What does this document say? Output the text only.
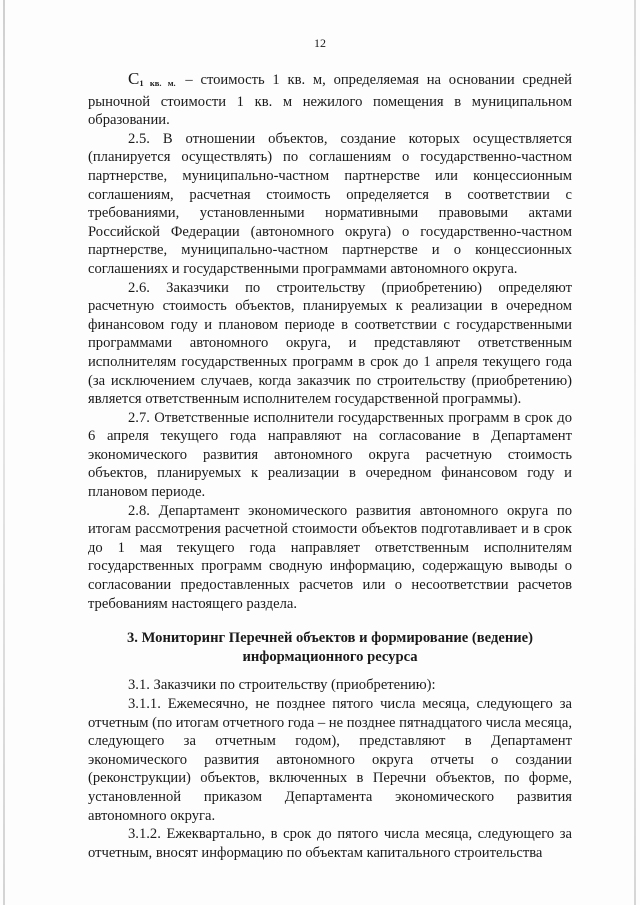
12

С1 кв. м. – стоимость 1 кв. м, определяемая на основании средней рыночной стоимости 1 кв. м нежилого помещения в муниципальном образовании.

2.5. В отношении объектов, создание которых осуществляется (планируется осуществлять) по соглашениям о государственно-частном партнерстве, муниципально-частном партнерстве или концессионным соглашениям, расчетная стоимость определяется в соответствии с требованиями, установленными нормативными правовыми актами Российской Федерации (автономного округа) о государственно-частном партнерстве, муниципально-частном партнерстве и о концессионных соглашениях и государственными программами автономного округа.

2.6. Заказчики по строительству (приобретению) определяют расчетную стоимость объектов, планируемых к реализации в очередном финансовом году и плановом периоде в соответствии с государственными программами автономного округа, и представляют ответственным исполнителям государственных программ в срок до 1 апреля текущего года (за исключением случаев, когда заказчик по строительству (приобретению) является ответственным исполнителем государственной программы).

2.7. Ответственные исполнители государственных программ в срок до 6 апреля текущего года направляют на согласование в Департамент экономического развития автономного округа расчетную стоимость объектов, планируемых к реализации в очередном финансовом году и плановом периоде.

2.8. Департамент экономического развития автономного округа по итогам рассмотрения расчетной стоимости объектов подготавливает и в срок до 1 мая текущего года направляет ответственным исполнителям государственных программ сводную информацию, содержащую выводы о согласовании предоставленных расчетов или о несоответствии расчетов требованиям настоящего раздела.

3. Мониторинг Перечней объектов и формирование (ведение)
информационного ресурса

3.1. Заказчики по строительству (приобретению):

3.1.1. Ежемесячно, не позднее пятого числа месяца, следующего за отчетным (по итогам отчетного года – не позднее пятнадцатого числа месяца, следующего за отчетным годом), представляют в Департамент экономического развития автономного округа отчеты о создании (реконструкции) объектов, включенных в Перечни объектов, по форме, установленной приказом Департамента экономического развития автономного округа.

3.1.2. Ежеквартально, в срок до пятого числа месяца, следующего за отчетным, вносят информацию по объектам капитального строительства
